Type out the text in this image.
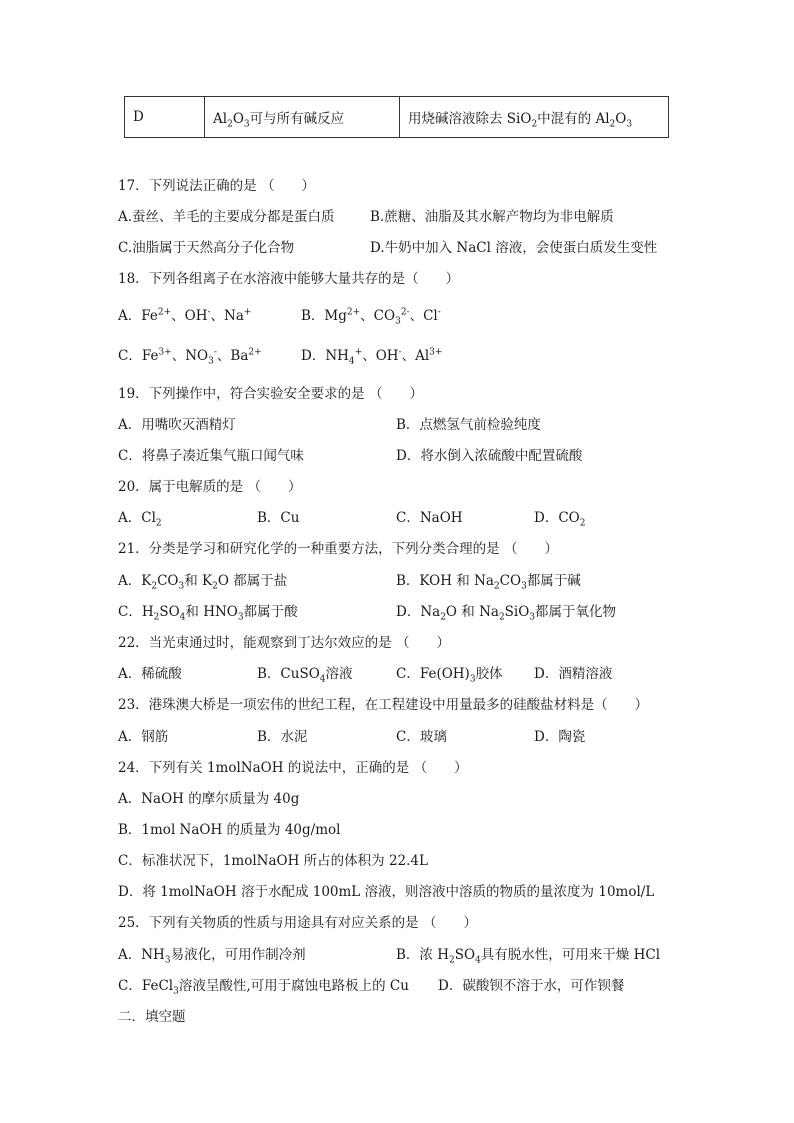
D	$Al_2O_3$可与所有碱反应	用烧碱溶液除去 SiO$_2$中混有的 $Al_2O_3$
17．下列说法正确的是 （　　）
A.蚕丝、羊毛的主要成分都是蛋白质	B.蔗糖、油脂及其水解产物均为非电解质
C.油脂属于天然高分子化合物	D.牛奶中加入 NaCl 溶液，会使蛋白质发生变性
18．下列各组离子在水溶液中能够大量共存的是（　　）
A．$Fe^{2+}$、OH-、Na+	B．$Mg^{2+}$、$CO_3^{2-}$、Cl-
C．$Fe^{3+}$、$NO_3^-$、$Ba^{2+}$	D．$NH_4^+$、OH-、$Al^{3+}$
19．下列操作中，符合实验安全要求的是 （　　）
A．用嘴吹灭酒精灯	B．点燃氢气前检验纯度
C．将鼻子凑近集气瓶口闻气味	D．将水倒入浓硫酸中配置硫酸
20．属于电解质的是 （　　）
A．$Cl_2$	B．Cu	C．NaOH	D．$CO_2$
21．分类是学习和研究化学的一种重要方法，下列分类合理的是 （　　）
A．$K_2CO_3$和 $K_2O$ 都属于盐	B．KOH 和 $Na_2CO_3$都属于碱
C．$H_2SO_4$和 $HNO_3$都属于酸	D．$Na_2O$ 和 $Na_2SiO_3$都属于氧化物
22．当光束通过时，能观察到丁达尔效应的是 （　　）
A．稀硫酸	B．CuSO$_4$溶液	C．$Fe(OH)_3$胶体 D．酒精溶液
23．港珠澳大桥是一项宏伟的世纪工程，在工程建设中用量最多的硅酸盐材料是（　　）
A．钢筋	B．水泥	C．玻璃	D．陶瓷
24．下列有关 1molNaOH 的说法中，正确的是 （　　）
A．NaOH 的摩尔质量为 40g
B．1mol NaOH 的质量为 40g/mol
C．标准状况下，1molNaOH 所占的体积为 22.4L
D．将 1molNaOH 溶于水配成 100mL 溶液，则溶液中溶质的物质的量浓度为 10mol/L
25．下列有关物质的性质与用途具有对应关系的是 （　　）
A．$NH_3$易液化，可用作制冷剂	B．浓 $H_2SO_4$具有脱水性，可用来干燥 HCl
C．FeCl$_3$溶液呈酸性,可用于腐蚀电路板上的 Cu D．碳酸钡不溶于水，可作钡餐
二．填空题
